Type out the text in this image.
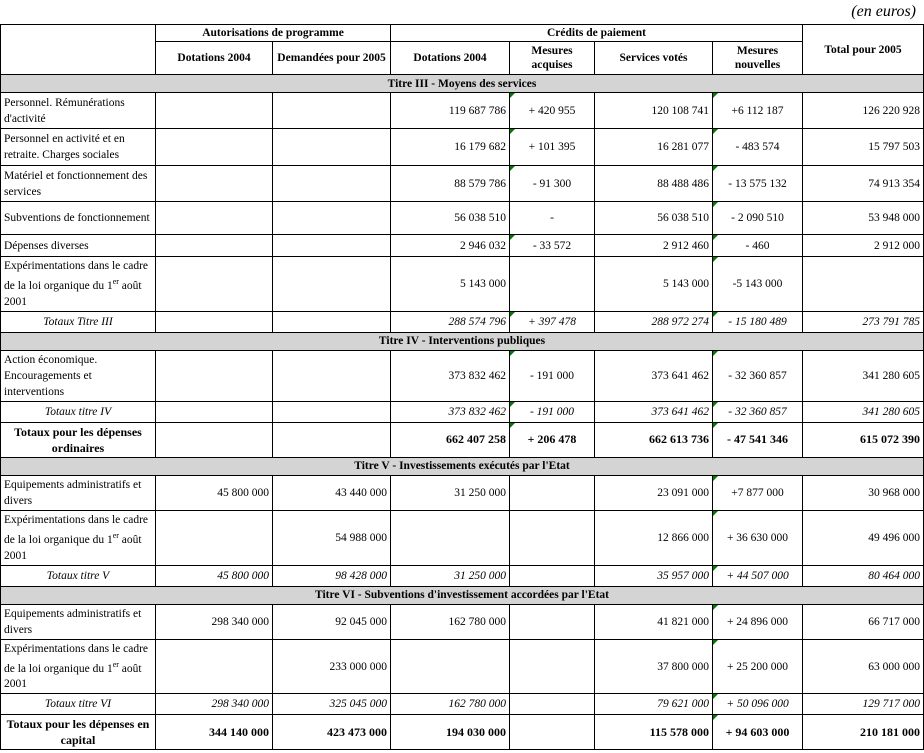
(en euros)
	Autorisations de programme		Crédits de paiement				Total pour 2005
	Dotations 2004	Demandées pour 2005	Dotations 2004	Mesures acquises	Services votés	Mesures nouvelles	
Titre III - Moyens des services							
Personnel. Rémunérations d'activité			119 687 786	+ 420 955	120 108 741	+6 112 187	126 220 928
Personnel en activité et en retraite. Charges sociales			16 179 682	+ 101 395	16 281 077	- 483 574	15 797 503
Matériel et fonctionnement des services			88 579 786	- 91 300	88 488 486	- 13 575 132	74 913 354
Subventions de fonctionnement			56 038 510	-	56 038 510	- 2 090 510	53 948 000
Dépenses diverses			2 946 032	- 33 572	2 912 460	- 460	2 912 000
Expérimentations dans le cadre de la loi organique du 1er août 2001			5 143 000		5 143 000	-5 143 000	
Totaux Titre III			288 574 796	+ 397 478	288 972 274	- 15 180 489	273 791 785
Titre IV - Interventions publiques							
Action économique. Encouragements et interventions			373 832 462	- 191 000	373 641 462	- 32 360 857	341 280 605
Totaux titre IV			373 832 462	- 191 000	373 641 462	- 32 360 857	341 280 605
Totaux pour les dépenses ordinaires			662 407 258	+ 206 478	662 613 736	- 47 541 346	615 072 390
Titre V - Investissements exécutés par l'Etat							
Equipements administratifs et divers	45 800 000	43 440 000	31 250 000		23 091 000	+7 877 000	30 968 000
Expérimentations dans le cadre de la loi organique du 1er août 2001		54 988 000			12 866 000	+ 36 630 000	49 496 000
Totaux titre V	45 800 000	98 428 000	31 250 000		35 957 000	+ 44 507 000	80 464 000
Titre VI - Subventions d'investissement accordées par l'Etat							
Equipements administratifs et divers	298 340 000	92 045 000	162 780 000		41 821 000	+ 24 896 000	66 717 000
Expérimentations dans le cadre de la loi organique du 1er août 2001		233 000 000			37 800 000	+ 25 200 000	63 000 000
Totaux titre VI	298 340 000	325 045 000	162 780 000		79 621 000	+ 50 096 000	129 717 000
Totaux pour les dépenses en capital	344 140 000	423 473 000	194 030 000		115 578 000	+ 94 603 000	210 181 000
